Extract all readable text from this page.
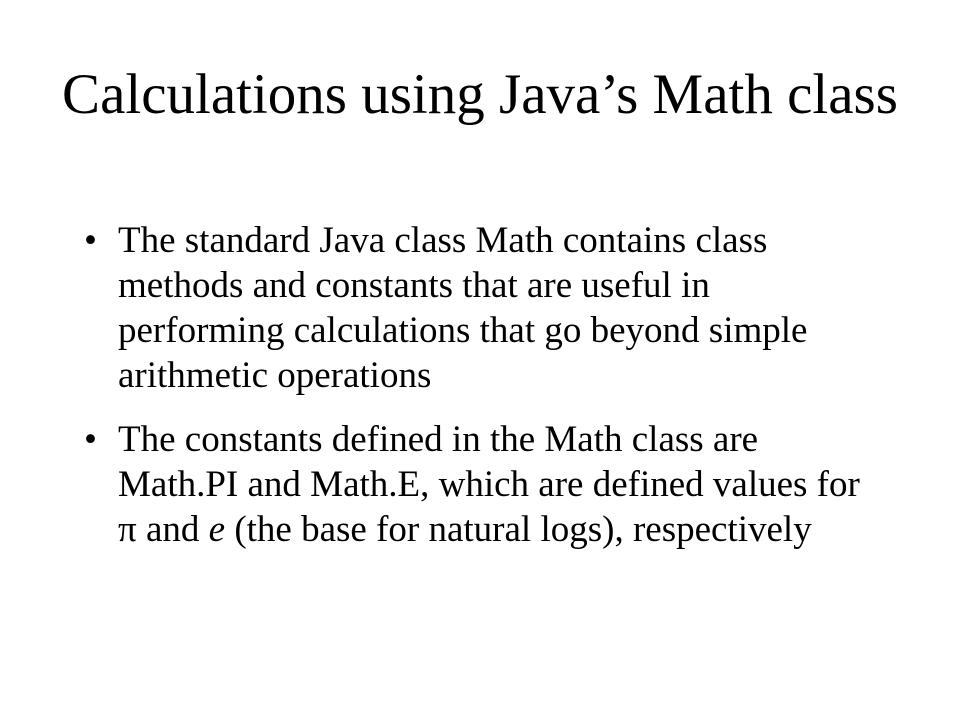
Calculations using Java’s Math class
• The standard Java class Math contains class methods and constants that are useful in performing calculations that go beyond simple arithmetic operations
• The constants defined in the Math class are Math.PI and Math.E, which are defined values for π and e (the base for natural logs), respectively
